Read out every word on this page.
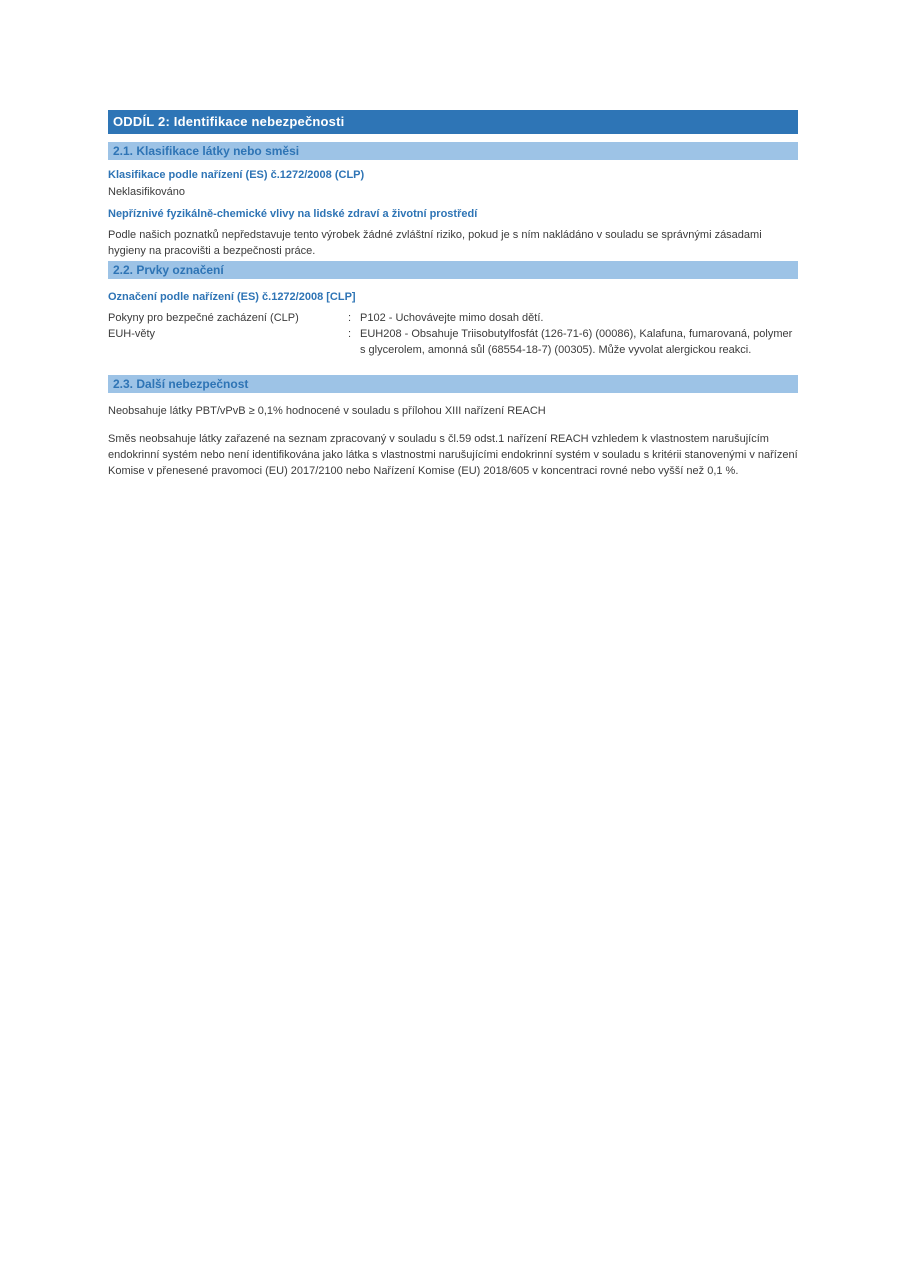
ODDÍL 2: Identifikace nebezpečnosti
2.1. Klasifikace látky nebo směsi
Klasifikace podle nařízení (ES) č.1272/2008 (CLP)
Neklasifikováno
Nepříznivé fyzikálně-chemické vlivy na lidské zdraví a životní prostředí
Podle našich poznatků nepředstavuje tento výrobek žádné zvláštní riziko, pokud je s ním nakládáno v souladu se správnými zásadami hygieny na pracovišti a bezpečnosti práce.
2.2. Prvky označení
Označení podle nařízení (ES) č.1272/2008 [CLP]
Pokyny pro bezpečné zacházení (CLP)	: P102 - Uchovávejte mimo dosah dětí.
EUH-věty	: EUH208 - Obsahuje Triisobutylfosfát (126-71-6) (00086), Kalafuna, fumarovaná, polymer s glycerolem, amonná sůl (68554-18-7) (00305). Může vyvolat alergickou reakci.
2.3. Další nebezpečnost
Neobsahuje látky PBT/vPvB ≥ 0,1% hodnocené v souladu s přílohou XIII nařízení REACH
Směs neobsahuje látky zařazené na seznam zpracovaný v souladu s čl.59 odst.1 nařízení REACH vzhledem k vlastnostem narušujícím endokrinní systém nebo není identifikována jako látka s vlastnostmi narušujícími endokrinní systém v souladu s kritérii stanovenými v nařízení Komise v přenesené pravomoci (EU) 2017/2100 nebo Nařízení Komise (EU) 2018/605 v koncentraci rovné nebo vyšší než 0,1 %.
